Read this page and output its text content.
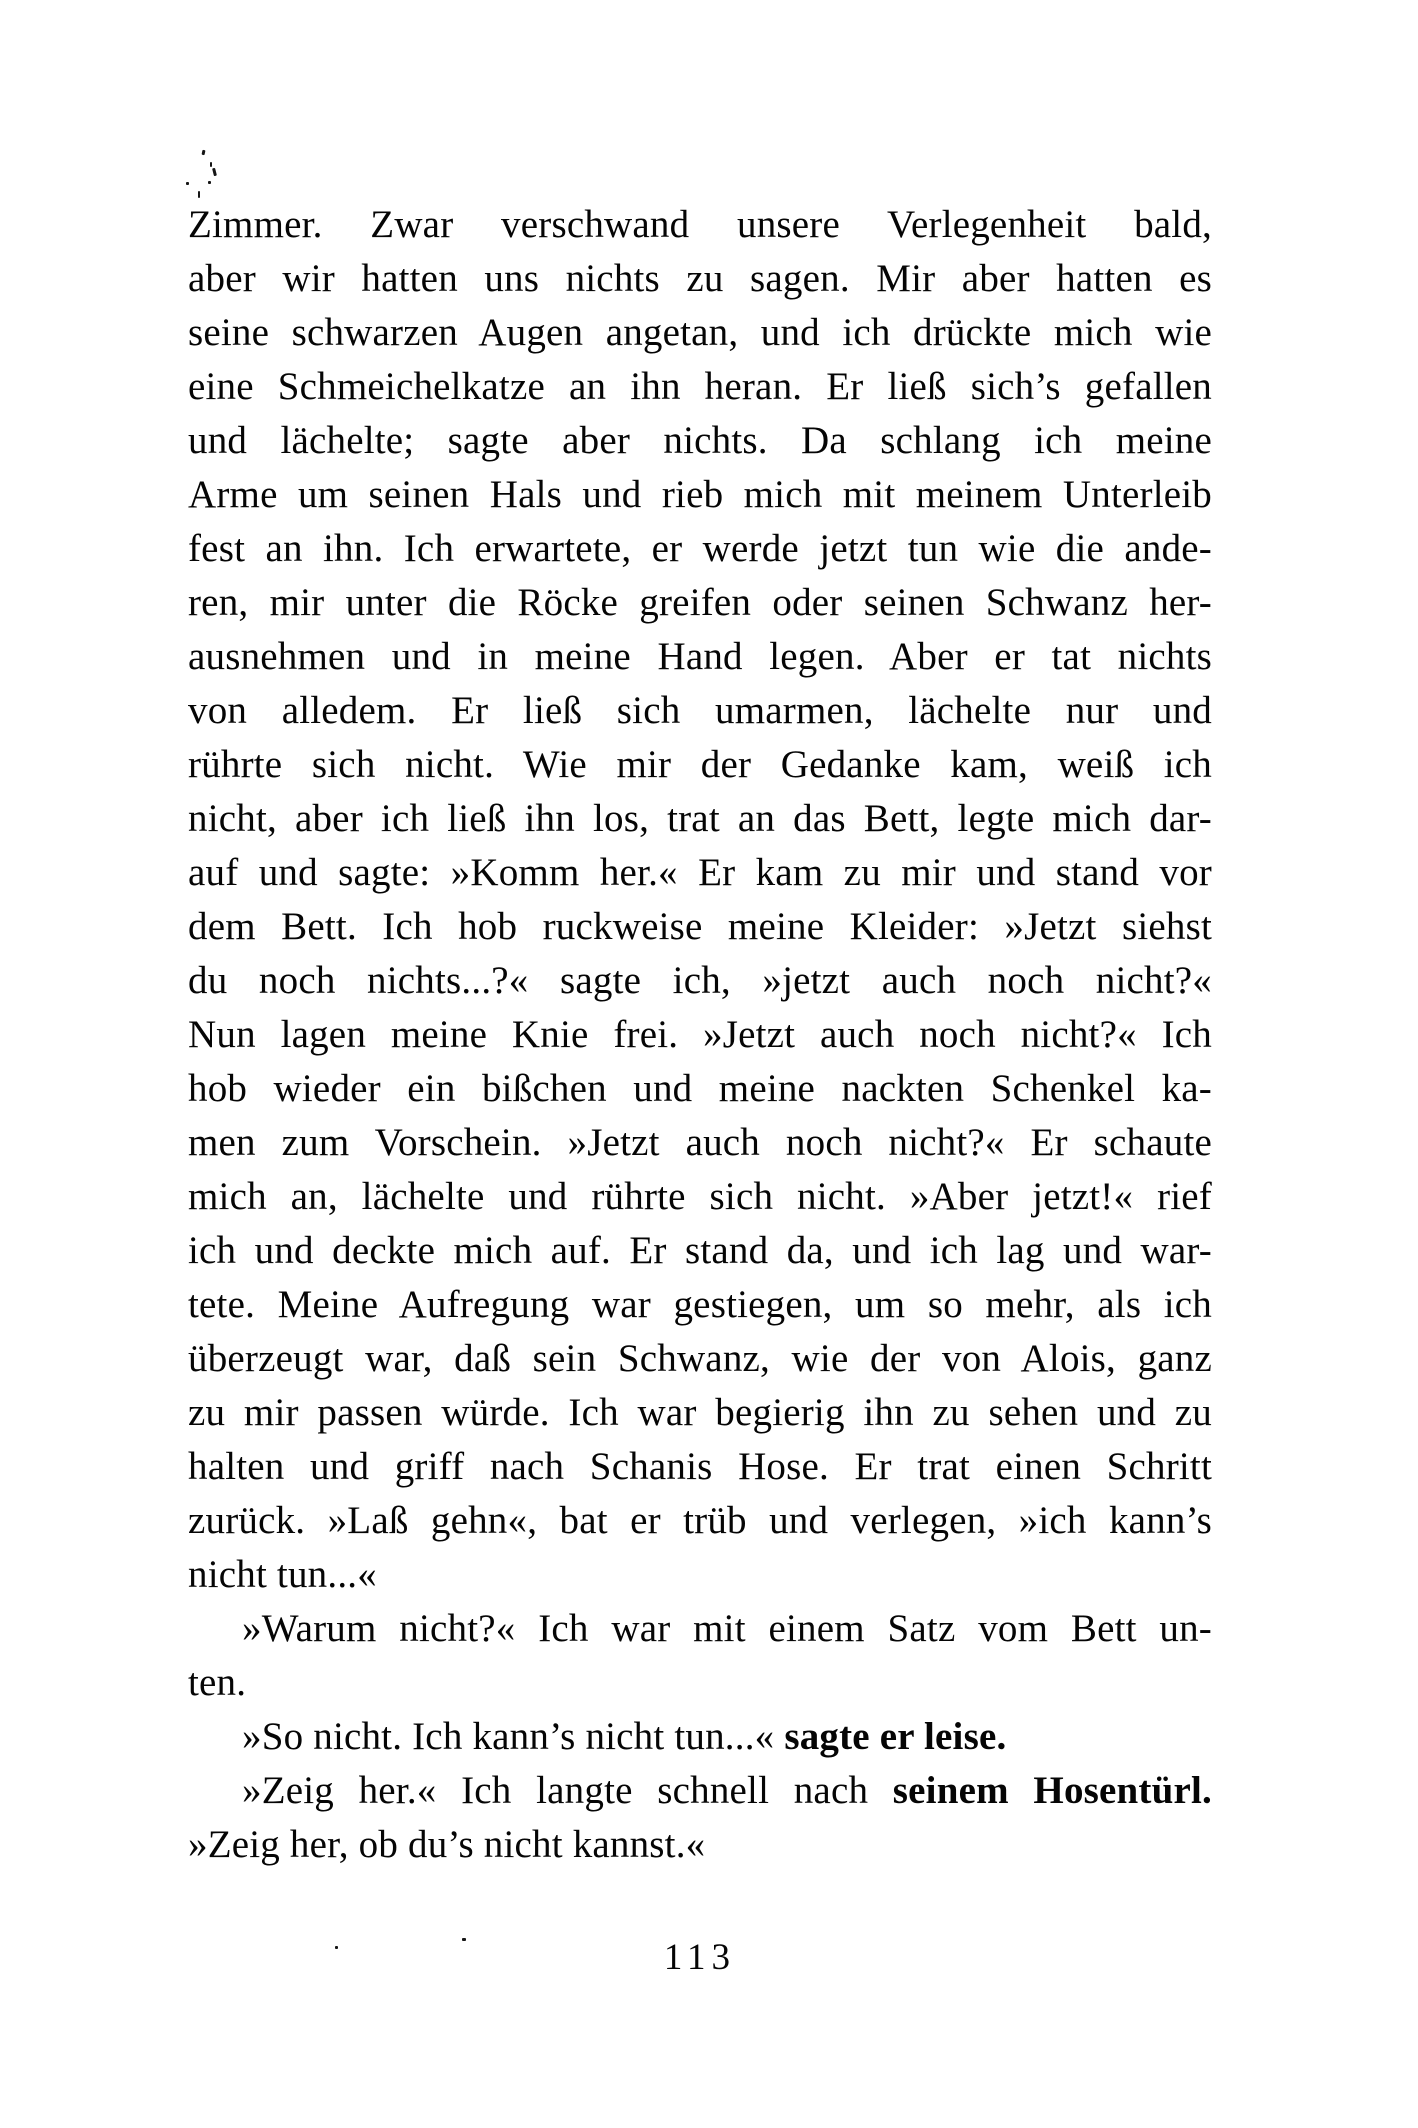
Zimmer. Zwar verschwand unsere Verlegenheit bald,
aber wir hatten uns nichts zu sagen. Mir aber hatten es
seine schwarzen Augen angetan, und ich drückte mich wie
eine Schmeichelkatze an ihn heran. Er ließ sich’s gefallen
und lächelte; sagte aber nichts. Da schlang ich meine
Arme um seinen Hals und rieb mich mit meinem Unterleib
fest an ihn. Ich erwartete, er werde jetzt tun wie die ande-
ren, mir unter die Röcke greifen oder seinen Schwanz her-
ausnehmen und in meine Hand legen. Aber er tat nichts
von alledem. Er ließ sich umarmen, lächelte nur und
rührte sich nicht. Wie mir der Gedanke kam, weiß ich
nicht, aber ich ließ ihn los, trat an das Bett, legte mich dar-
auf und sagte: »Komm her.« Er kam zu mir und stand vor
dem Bett. Ich hob ruckweise meine Kleider: »Jetzt siehst
du noch nichts...?« sagte ich, »jetzt auch noch nicht?«
Nun lagen meine Knie frei. »Jetzt auch noch nicht?« Ich
hob wieder ein bißchen und meine nackten Schenkel ka-
men zum Vorschein. »Jetzt auch noch nicht?« Er schaute
mich an, lächelte und rührte sich nicht. »Aber jetzt!« rief
ich und deckte mich auf. Er stand da, und ich lag und war-
tete. Meine Aufregung war gestiegen, um so mehr, als ich
überzeugt war, daß sein Schwanz, wie der von Alois, ganz
zu mir passen würde. Ich war begierig ihn zu sehen und zu
halten und griff nach Schanis Hose. Er trat einen Schritt
zurück. »Laß gehn«, bat er trüb und verlegen, »ich kann’s
nicht tun...«
»Warum nicht?« Ich war mit einem Satz vom Bett un-
ten.
»So nicht. Ich kann’s nicht tun...« sagte er leise.
»Zeig her.« Ich langte schnell nach seinem Hosentürl.
»Zeig her, ob du’s nicht kannst.«
113
